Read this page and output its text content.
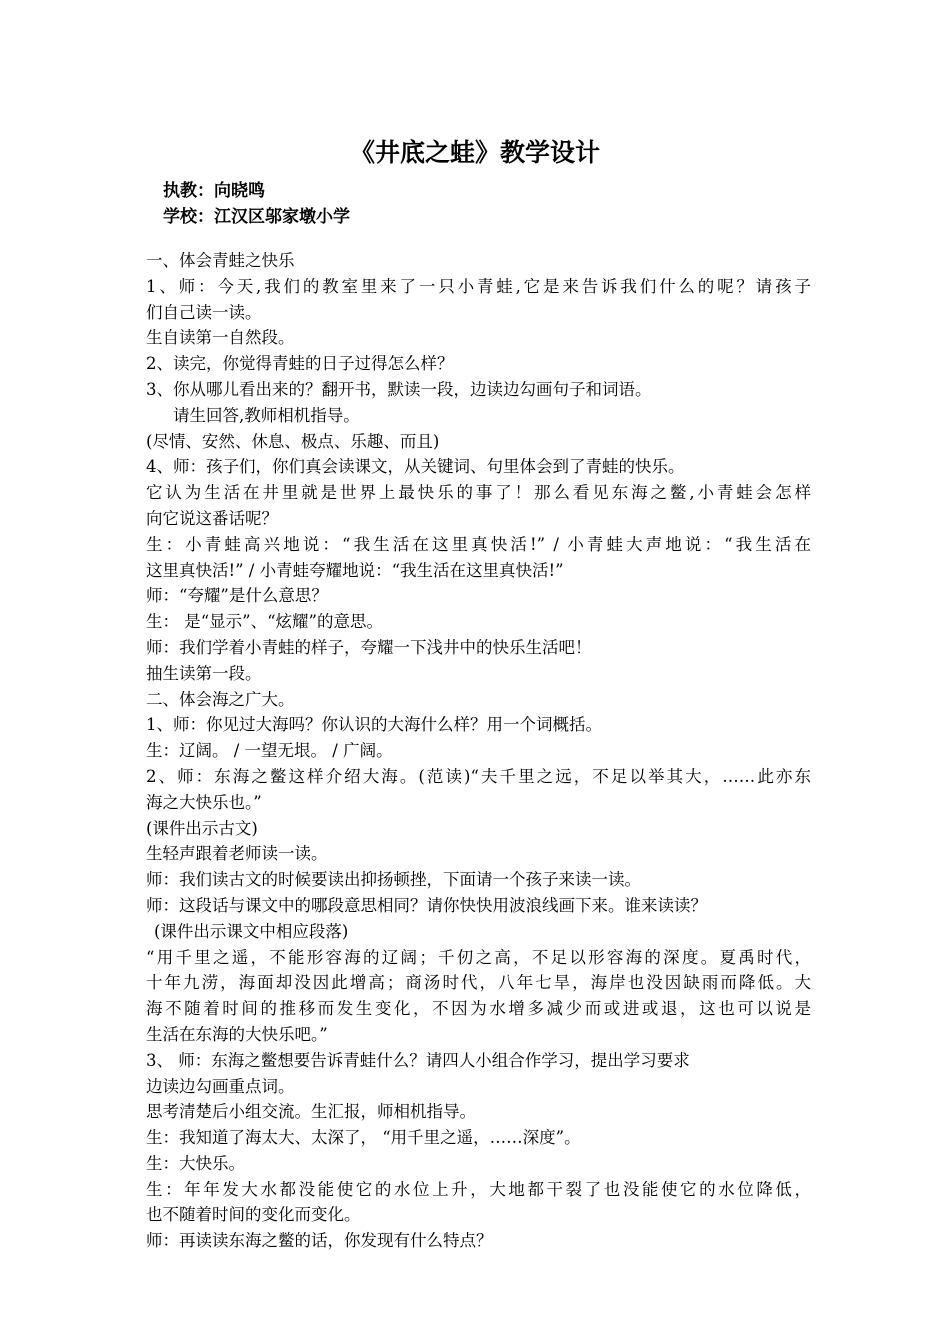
《井底之蛙》教学设计
执教：向晓鸣
学校：江汉区邬家墩小学
一、体会青蛙之快乐
1、师：今天,我们的教室里来了一只小青蛙,它是来告诉我们什么的呢？请孩子
们自己读一读。
生自读第一自然段。
2、读完，你觉得青蛙的日子过得怎么样？
3、你从哪儿看出来的？翻开书，默读一段，边读边勾画句子和词语。
请生回答,教师相机指导。
(尽情、安然、休息、极点、乐趣、而且)
4、师：孩子们，你们真会读课文，从关键词、句里体会到了青蛙的快乐。
它认为生活在井里就是世界上最快乐的事了！那么看见东海之鳖,小青蛙会怎样
向它说这番话呢？
生：小青蛙高兴地说：“我生活在这里真快活!” / 小青蛙大声地说：“我生活在
这里真快活!” / 小青蛙夸耀地说：“我生活在这里真快活!”
师：“夸耀”是什么意思？
生： 是“显示”、“炫耀”的意思。
师：我们学着小青蛙的样子，夸耀一下浅井中的快乐生活吧！
抽生读第一段。
二、体会海之广大。
1、师：你见过大海吗？你认识的大海什么样？用一个词概括。
生：辽阔。 / 一望无垠。 / 广阔。
2、师：东海之鳖这样介绍大海。(范读)“夫千里之远，不足以举其大，……此亦东
海之大快乐也。”
(课件出示古文)
生轻声跟着老师读一读。
师：我们读古文的时候要读出抑扬顿挫，下面请一个孩子来读一读。
师：这段话与课文中的哪段意思相同？请你快快用波浪线画下来。谁来读读？
(课件出示课文中相应段落)
“用千里之遥，不能形容海的辽阔；千仞之高，不足以形容海的深度。夏禹时代，
十年九涝，海面却没因此增高；商汤时代，八年七旱，海岸也没因缺雨而降低。大
海不随着时间的推移而发生变化，不因为水增多减少而或进或退，这也可以说是
生活在东海的大快乐吧。”
3、 师：东海之鳖想要告诉青蛙什么？请四人小组合作学习，提出学习要求
边读边勾画重点词。
思考清楚后小组交流。生汇报，师相机指导。
生：我知道了海太大、太深了， “用千里之遥，……深度”。
生：大快乐。
生：年年发大水都没能使它的水位上升，大地都干裂了也没能使它的水位降低，
也不随着时间的变化而变化。
师：再读读东海之鳖的话，你发现有什么特点？
